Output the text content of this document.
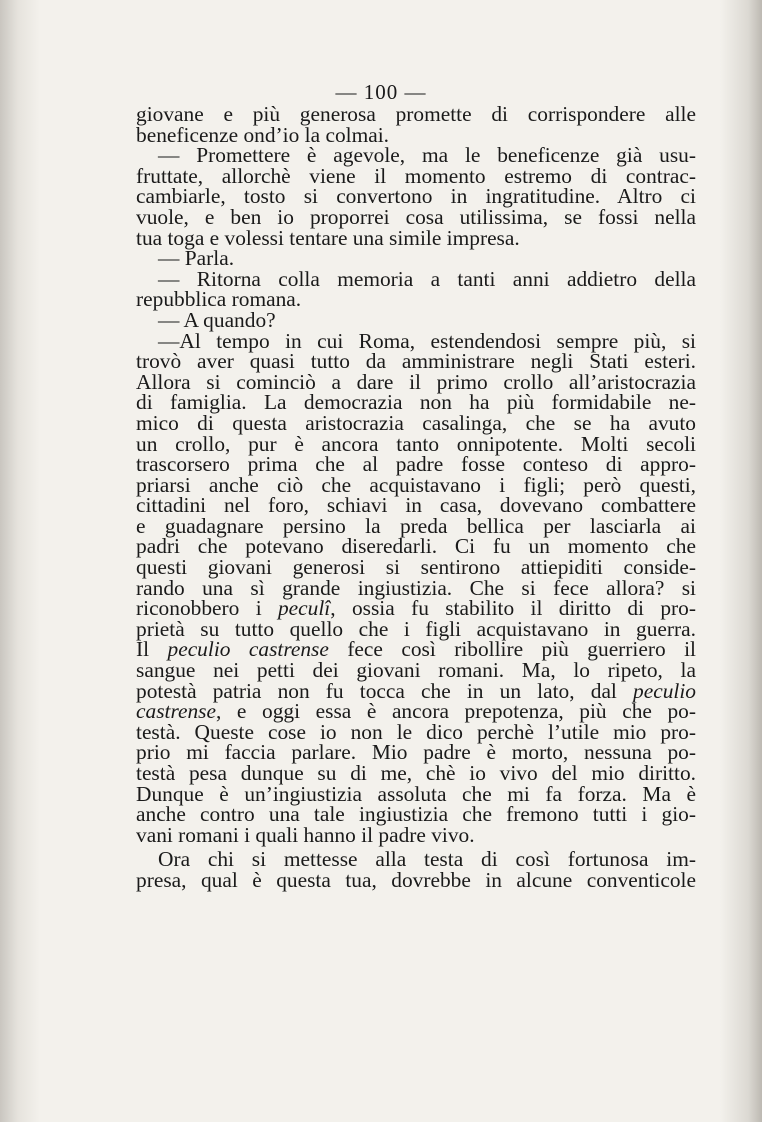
— 100 —
giovane e più generosa promette di corrispondere alle
beneficenze ond’io la colmai.
— Promettere è agevole, ma le beneficenze già usu-
fruttate, allorchè viene il momento estremo di contrac-
cambiarle, tosto si convertono in ingratitudine. Altro ci
vuole, e ben io proporrei cosa utilissima, se fossi nella
tua toga e volessi tentare una simile impresa.
— Parla.
— Ritorna colla memoria a tanti anni addietro della
repubblica romana.
— A quando?
—Al tempo in cui Roma, estendendosi sempre più, si
trovò aver quasi tutto da amministrare negli Stati esteri.
Allora si cominciò a dare il primo crollo all’aristocrazia
di famiglia. La democrazia non ha più formidabile ne-
mico di questa aristocrazia casalinga, che se ha avuto
un crollo, pur è ancora tanto onnipotente. Molti secoli
trascorsero prima che al padre fosse conteso di appro-
priarsi anche ciò che acquistavano i figli; però questi,
cittadini nel foro, schiavi in casa, dovevano combattere
e guadagnare persino la preda bellica per lasciarla ai
padri che potevano diseredarli. Ci fu un momento che
questi giovani generosi si sentirono attiepiditi conside-
rando una sì grande ingiustizia. Che si fece allora? si
riconobbero i peculî, ossia fu stabilito il diritto di pro-
prietà su tutto quello che i figli acquistavano in guerra.
Il peculio castrense fece così ribollire più guerriero il
sangue nei petti dei giovani romani. Ma, lo ripeto, la
potestà patria non fu tocca che in un lato, dal peculio
castrense, e oggi essa è ancora prepotenza, più che po-
testà. Queste cose io non le dico perchè l’utile mio pro-
prio mi faccia parlare. Mio padre è morto, nessuna po-
testà pesa dunque su di me, chè io vivo del mio diritto.
Dunque è un’ingiustizia assoluta che mi fa forza. Ma è
anche contro una tale ingiustizia che fremono tutti i gio-
vani romani i quali hanno il padre vivo.
Ora chi si mettesse alla testa di così fortunosa im-
presa, qual è questa tua, dovrebbe in alcune conventicole
